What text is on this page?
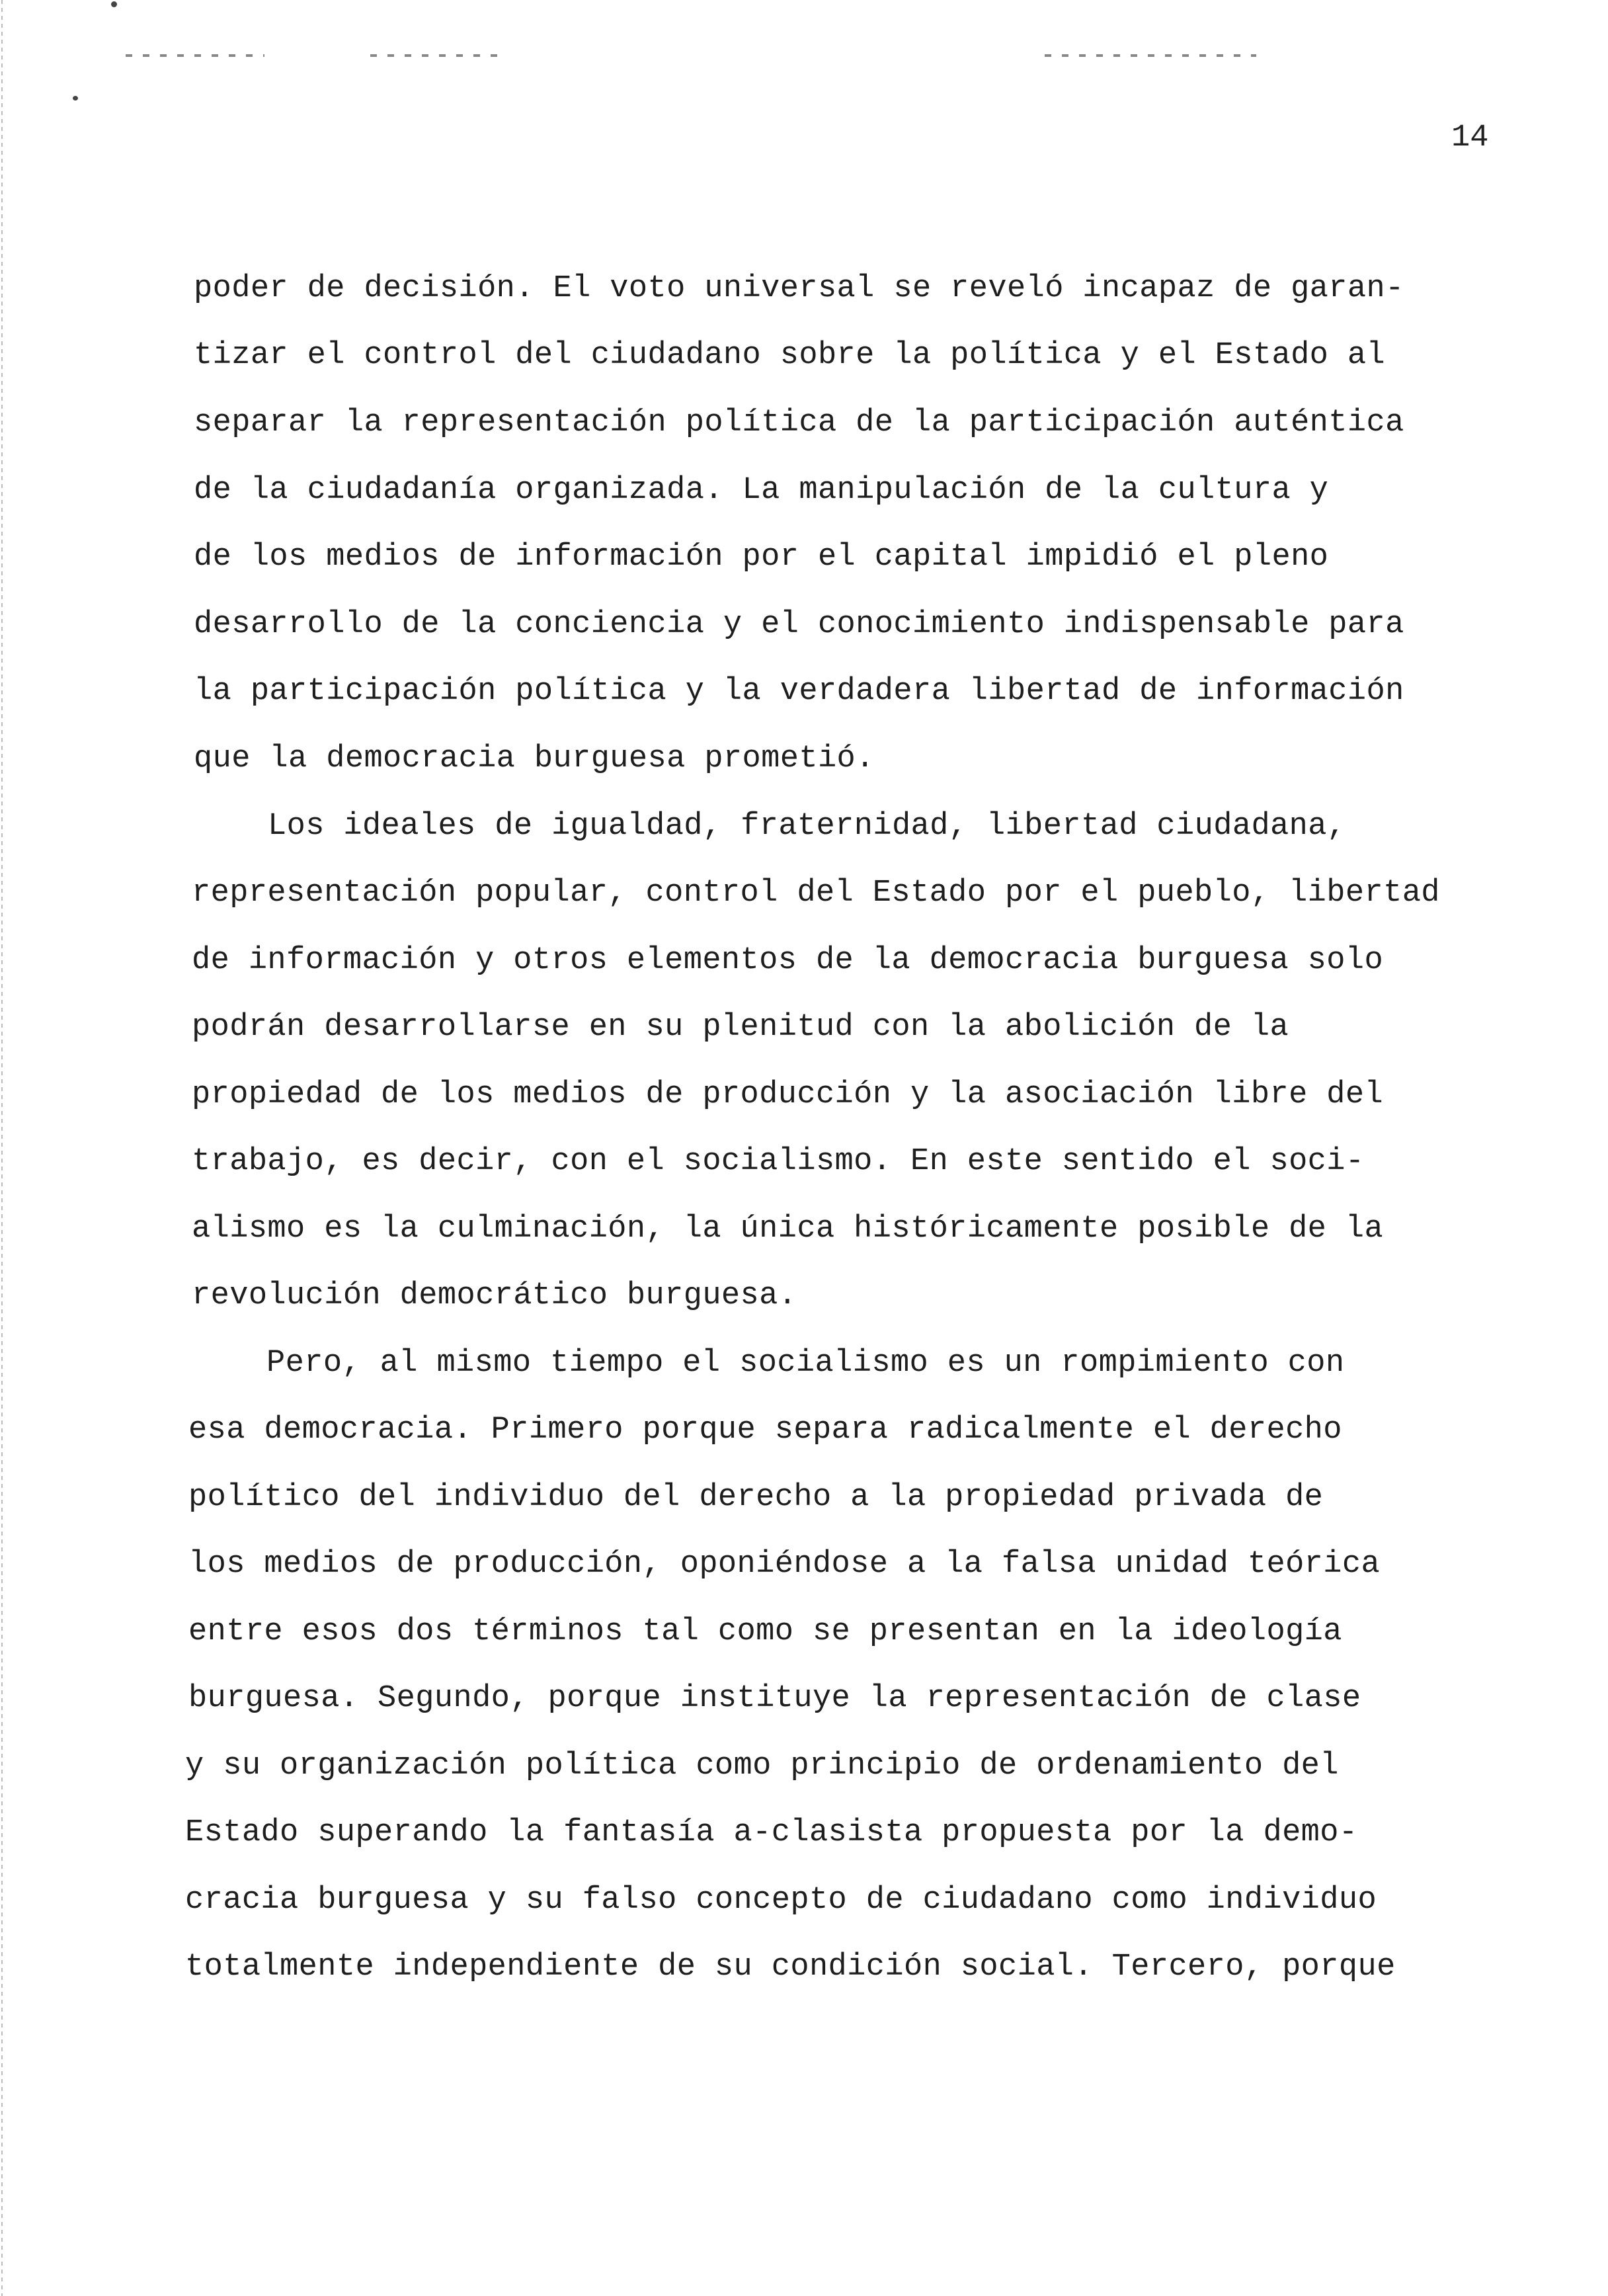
14
poder de decisión. El voto universal se reveló incapaz de garan-
tizar el control del ciudadano sobre la política y el Estado al
separar la representación política de la participación auténtica
de la ciudadanía organizada. La manipulación de la cultura y
de los medios de información por el capital impidió el pleno
desarrollo de la conciencia y el conocimiento indispensable para
la participación política y la verdadera libertad de información
que la democracia burguesa prometió.
Los ideales de igualdad, fraternidad, libertad ciudadana,
representación popular, control del Estado por el pueblo, libertad
de información y otros elementos de la democracia burguesa solo
podrán desarrollarse en su plenitud con la abolición de la
propiedad de los medios de producción y la asociación libre del
trabajo, es decir, con el socialismo. En este sentido el soci-
alismo es la culminación, la única históricamente posible de la
revolución democrático burguesa.
Pero, al mismo tiempo el socialismo es un rompimiento con
esa democracia. Primero porque separa radicalmente el derecho
político del individuo del derecho a la propiedad privada de
los medios de producción, oponiéndose a la falsa unidad teórica
entre esos dos términos tal como se presentan en la ideología
burguesa. Segundo, porque instituye la representación de clase
y su organización política como principio de ordenamiento del
Estado superando la fantasía a-clasista propuesta por la demo-
cracia burguesa y su falso concepto de ciudadano como individuo
totalmente independiente de su condición social. Tercero, porque
